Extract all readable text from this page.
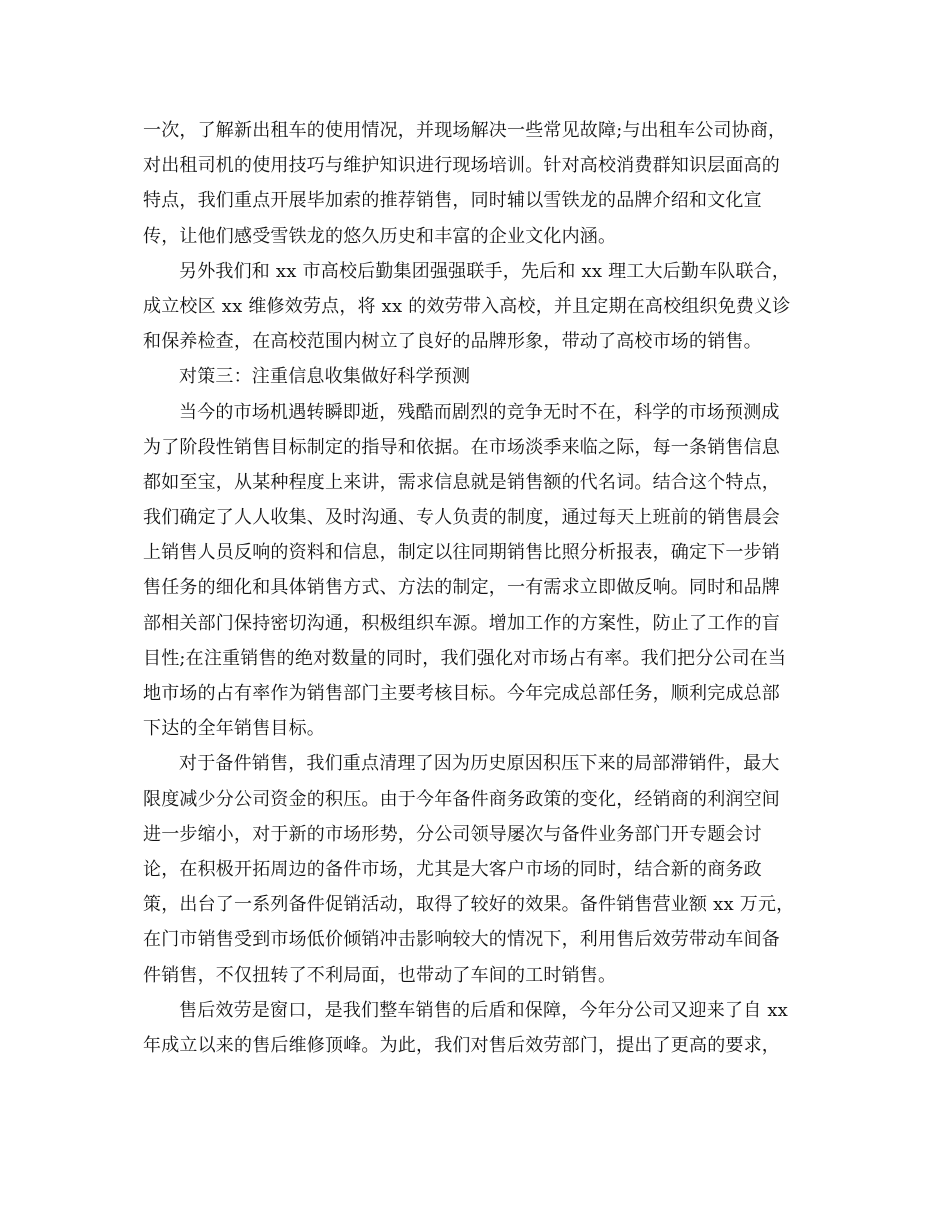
一次，了解新出租车的使用情况，并现场解决一些常见故障;与出租车公司协商，
对出租司机的使用技巧与维护知识进行现场培训。针对高校消费群知识层面高的
特点，我们重点开展毕加索的推荐销售，同时辅以雪铁龙的品牌介绍和文化宣
传，让他们感受雪铁龙的悠久历史和丰富的企业文化内涵。
另外我们和 xx 市高校后勤集团强强联手，先后和 xx 理工大后勤车队联合，
成立校区 xx 维修效劳点，将 xx 的效劳带入高校，并且定期在高校组织免费义诊
和保养检查，在高校范围内树立了良好的品牌形象，带动了高校市场的销售。
对策三：注重信息收集做好科学预测
当今的市场机遇转瞬即逝，残酷而剧烈的竞争无时不在，科学的市场预测成
为了阶段性销售目标制定的指导和依据。在市场淡季来临之际，每一条销售信息
都如至宝，从某种程度上来讲，需求信息就是销售额的代名词。结合这个特点，
我们确定了人人收集、及时沟通、专人负责的制度，通过每天上班前的销售晨会
上销售人员反响的资料和信息，制定以往同期销售比照分析报表，确定下一步销
售任务的细化和具体销售方式、方法的制定，一有需求立即做反响。同时和品牌
部相关部门保持密切沟通，积极组织车源。增加工作的方案性，防止了工作的盲
目性;在注重销售的绝对数量的同时，我们强化对市场占有率。我们把分公司在当
地市场的占有率作为销售部门主要考核目标。今年完成总部任务，顺利完成总部
下达的全年销售目标。
对于备件销售，我们重点清理了因为历史原因积压下来的局部滞销件，最大
限度减少分公司资金的积压。由于今年备件商务政策的变化，经销商的利润空间
进一步缩小，对于新的市场形势，分公司领导屡次与备件业务部门开专题会讨
论，在积极开拓周边的备件市场，尤其是大客户市场的同时，结合新的商务政
策，出台了一系列备件促销活动，取得了较好的效果。备件销售营业额 xx 万元，
在门市销售受到市场低价倾销冲击影响较大的情况下，利用售后效劳带动车间备
件销售，不仅扭转了不利局面，也带动了车间的工时销售。
售后效劳是窗口，是我们整车销售的后盾和保障，今年分公司又迎来了自 xx
年成立以来的售后维修顶峰。为此，我们对售后效劳部门，提出了更高的要求，
